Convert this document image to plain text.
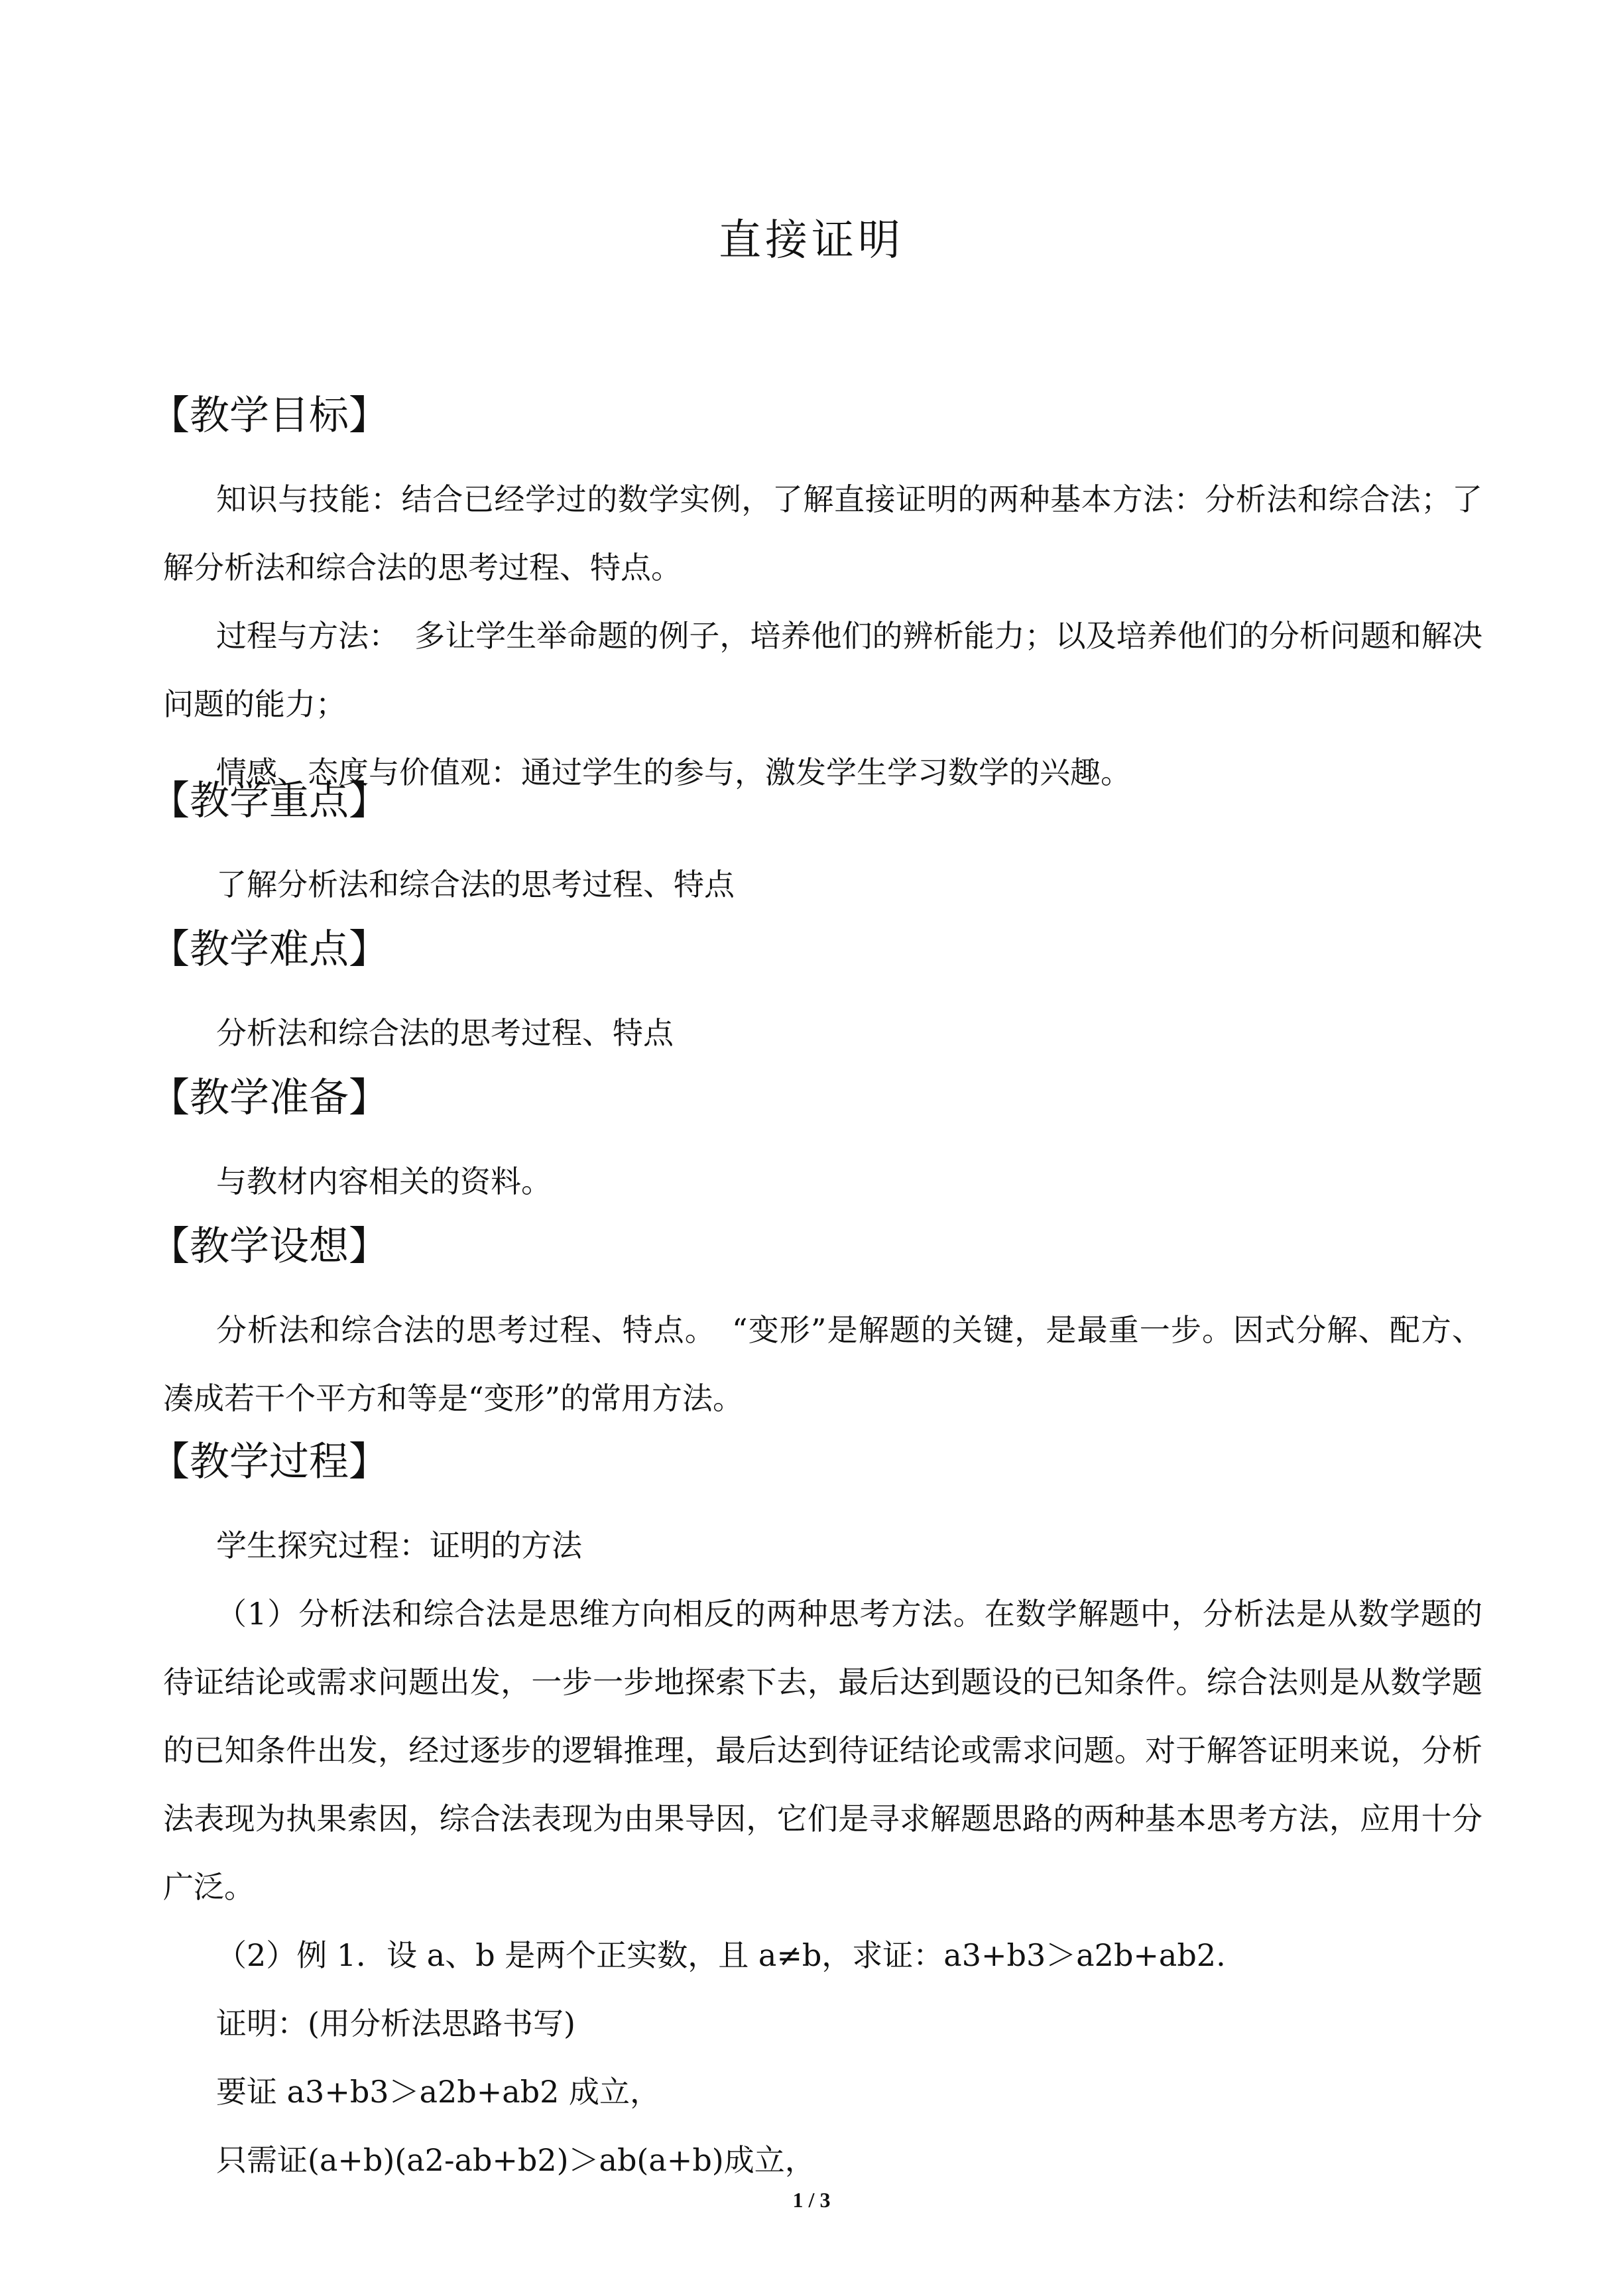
直接证明
【教学目标】

知识与技能：结合已经学过的数学实例，了解直接证明的两种基本方法：分析法和综合法；了解分析法和综合法的思考过程、特点。

过程与方法：　多让学生举命题的例子，培养他们的辨析能力；以及培养他们的分析问题和解决问题的能力；

情感、态度与价值观：通过学生的参与，激发学生学习数学的兴趣。

【教学重点】

了解分析法和综合法的思考过程、特点

【教学难点】

分析法和综合法的思考过程、特点

【教学准备】

与教材内容相关的资料。

【教学设想】

分析法和综合法的思考过程、特点。　“变形”是解题的关键，是最重一步。因式分解、配方、凑成若干个平方和等是“变形”的常用方法。

【教学过程】

学生探究过程：证明的方法

（1）分析法和综合法是思维方向相反的两种思考方法。在数学解题中，分析法是从数学题的待证结论或需求问题出发，一步一步地探索下去，最后达到题设的已知条件。综合法则是从数学题的已知条件出发，经过逐步的逻辑推理，最后达到待证结论或需求问题。对于解答证明来说，分析法表现为执果索因，综合法表现为由果导因，它们是寻求解题思路的两种基本思考方法，应用十分广泛。

（2）例 1．设 a、b 是两个正实数，且 a≠b，求证：a3+b3＞a2b+ab2.

证明：(用分析法思路书写)

要证 a3+b3＞a2b+ab2 成立，

只需证(a+b)(a2-ab+b2)＞ab(a+b)成立，

1 / 3
